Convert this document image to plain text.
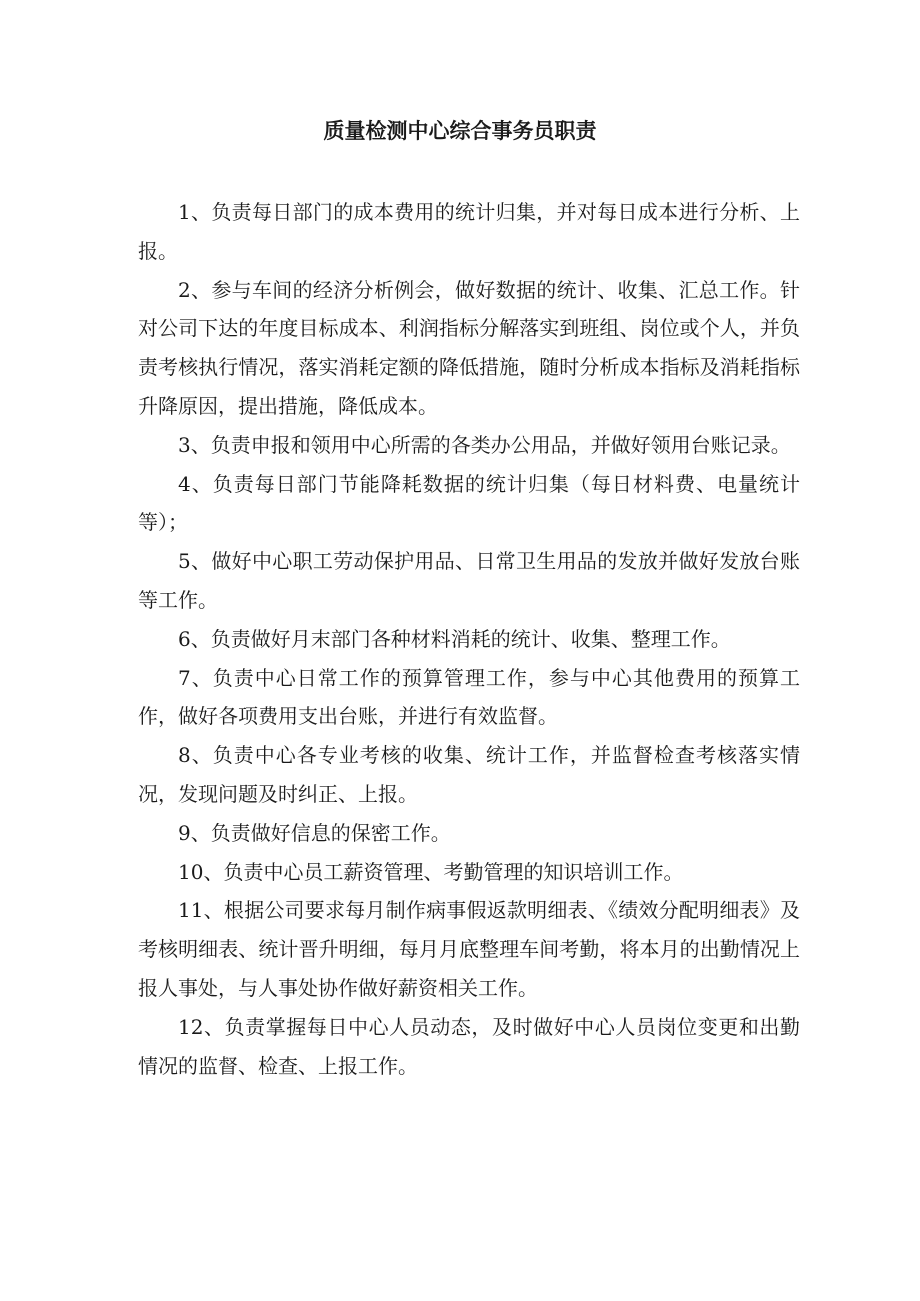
质量检测中心综合事务员职责

1、负责每日部门的成本费用的统计归集，并对每日成本进行分析、上报。

2、参与车间的经济分析例会，做好数据的统计、收集、汇总工作。针对公司下达的年度目标成本、利润指标分解落实到班组、岗位或个人，并负责考核执行情况，落实消耗定额的降低措施，随时分析成本指标及消耗指标升降原因，提出措施，降低成本。

3、负责申报和领用中心所需的各类办公用品，并做好领用台账记录。

4、负责每日部门节能降耗数据的统计归集（每日材料费、电量统计等）；

5、做好中心职工劳动保护用品、日常卫生用品的发放并做好发放台账等工作。

6、负责做好月末部门各种材料消耗的统计、收集、整理工作。

7、负责中心日常工作的预算管理工作，参与中心其他费用的预算工作，做好各项费用支出台账，并进行有效监督。

8、负责中心各专业考核的收集、统计工作，并监督检查考核落实情况，发现问题及时纠正、上报。

9、负责做好信息的保密工作。

10、负责中心员工薪资管理、考勤管理的知识培训工作。

11、根据公司要求每月制作病事假返款明细表、《绩效分配明细表》及考核明细表、统计晋升明细，每月月底整理车间考勤，将本月的出勤情况上报人事处，与人事处协作做好薪资相关工作。

12、负责掌握每日中心人员动态，及时做好中心人员岗位变更和出勤情况的监督、检查、上报工作。
